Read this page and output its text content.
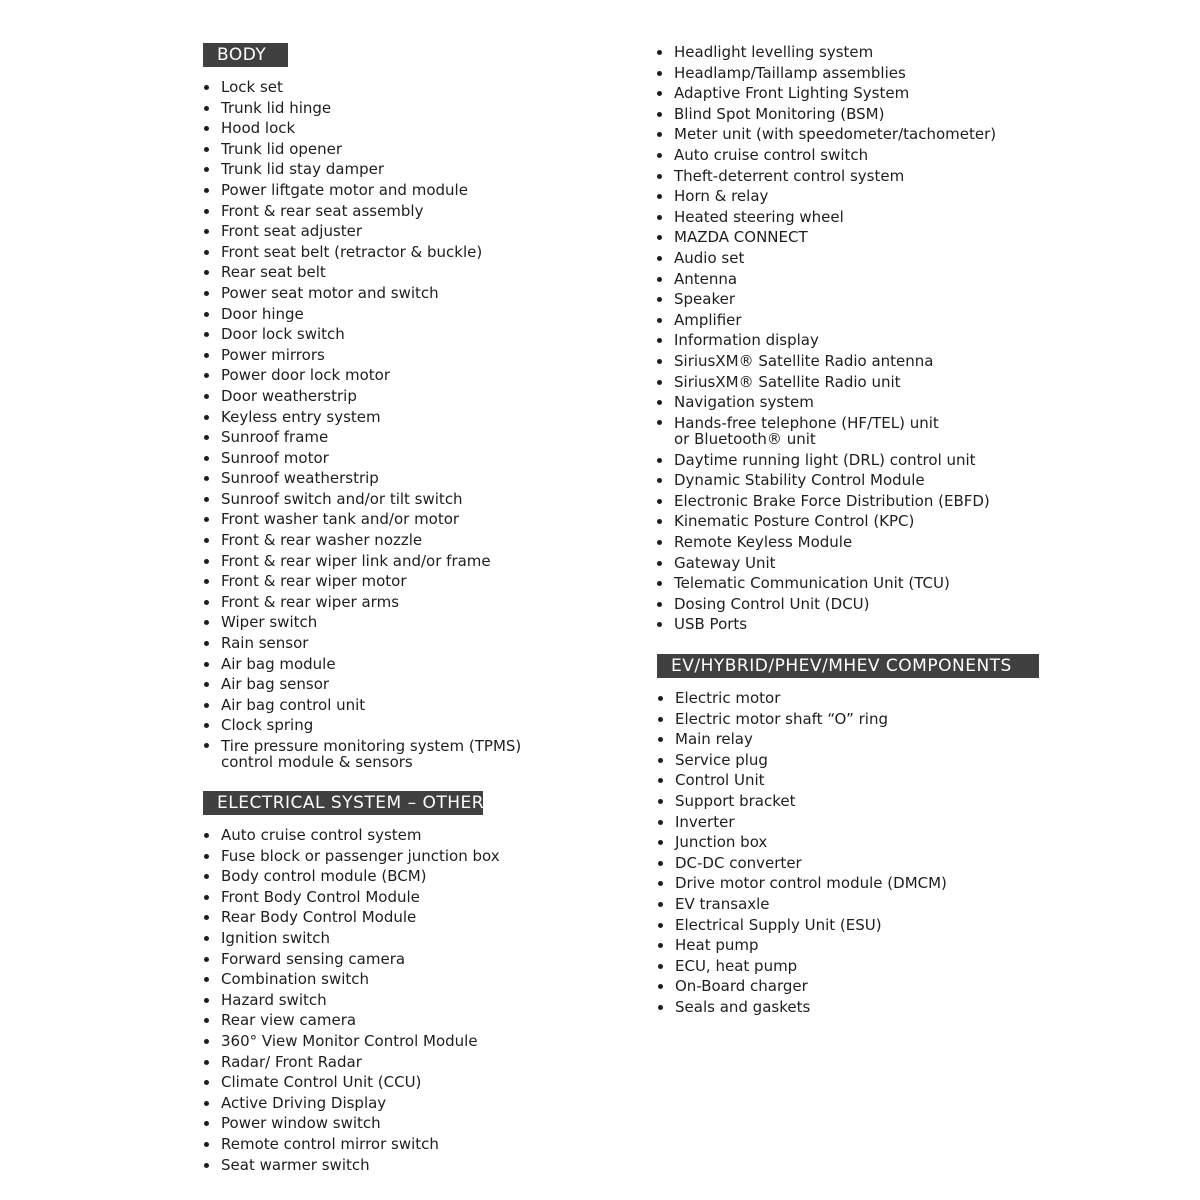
BODY
Lock set
Trunk lid hinge
Hood lock
Trunk lid opener
Trunk lid stay damper
Power liftgate motor and module
Front & rear seat assembly
Front seat adjuster
Front seat belt (retractor & buckle)
Rear seat belt
Power seat motor and switch
Door hinge
Door lock switch
Power mirrors
Power door lock motor
Door weatherstrip
Keyless entry system
Sunroof frame
Sunroof motor
Sunroof weatherstrip
Sunroof switch and/or tilt switch
Front washer tank and/or motor
Front & rear washer nozzle
Front & rear wiper link and/or frame
Front & rear wiper motor
Front & rear wiper arms
Wiper switch
Rain sensor
Air bag module
Air bag sensor
Air bag control unit
Clock spring
Tire pressure monitoring system (TPMS)
control module & sensors
ELECTRICAL SYSTEM – OTHER
Auto cruise control system
Fuse block or passenger junction box
Body control module (BCM)
Front Body Control Module
Rear Body Control Module
Ignition switch
Forward sensing camera
Combination switch
Hazard switch
Rear view camera
360° View Monitor Control Module
Radar/ Front Radar
Climate Control Unit (CCU)
Active Driving Display
Power window switch
Remote control mirror switch
Seat warmer switch
Headlight levelling system
Headlamp/Taillamp assemblies
Adaptive Front Lighting System
Blind Spot Monitoring (BSM)
Meter unit (with speedometer/tachometer)
Auto cruise control switch
Theft-deterrent control system
Horn & relay
Heated steering wheel
MAZDA CONNECT
Audio set
Antenna
Speaker
Amplifier
Information display
SiriusXM® Satellite Radio antenna
SiriusXM® Satellite Radio unit
Navigation system
Hands-free telephone (HF/TEL) unit
or Bluetooth® unit
Daytime running light (DRL) control unit
Dynamic Stability Control Module
Electronic Brake Force Distribution (EBFD)
Kinematic Posture Control (KPC)
Remote Keyless Module
Gateway Unit
Telematic Communication Unit (TCU)
Dosing Control Unit (DCU)
USB Ports
EV/HYBRID/PHEV/MHEV COMPONENTS
Electric motor
Electric motor shaft “O” ring
Main relay
Service plug
Control Unit
Support bracket
Inverter
Junction box
DC-DC converter
Drive motor control module (DMCM)
EV transaxle
Electrical Supply Unit (ESU)
Heat pump
ECU, heat pump
On-Board charger
Seals and gaskets
